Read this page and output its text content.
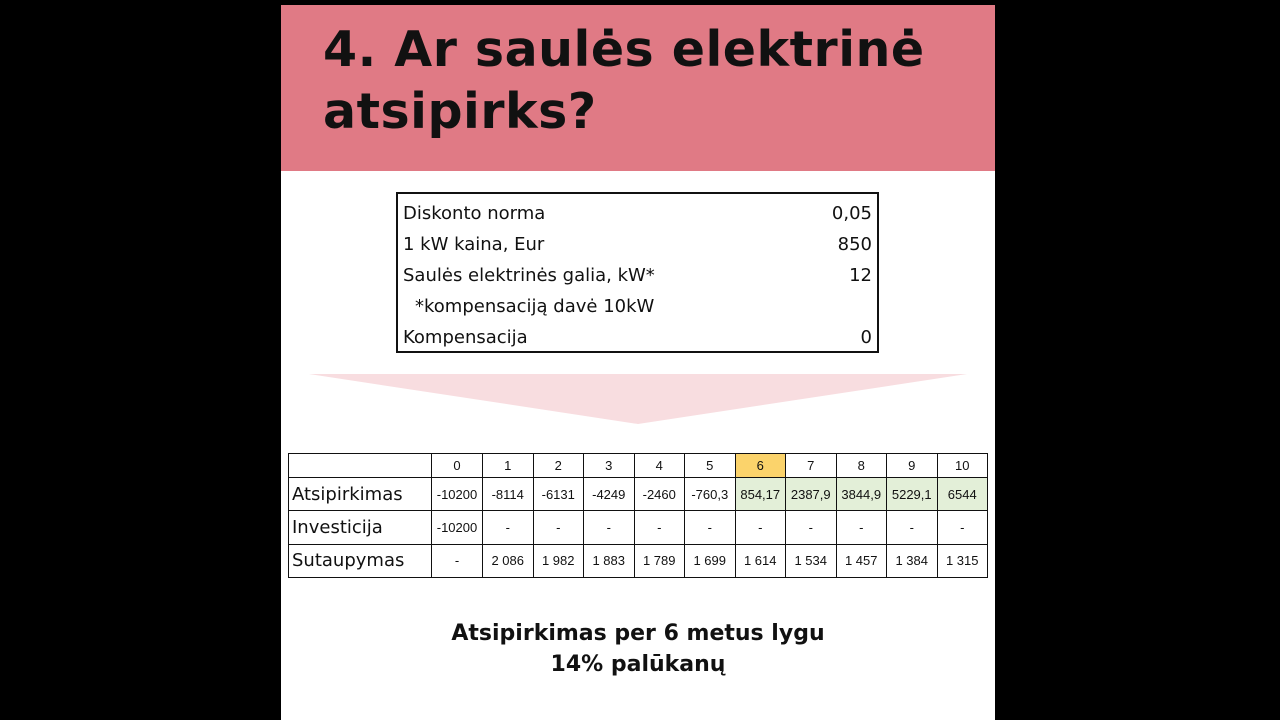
4. Ar saulės elektrinė
atsipirks?
Diskonto norma	0,05
1 kW kaina, Eur	850
Saulės elektrinės galia, kW*	12
*kompensaciją davė 10kW
Kompensacija	0
	0	1	2	3	4	5	6	7	8	9	10
Atsipirkimas	-10200	-8114	-6131	-4249	-2460	-760,3	854,17	2387,9	3844,9	5229,1	6544
Investicija	-10200	-	-	-	-	-	-	-	-	-	-
Sutaupymas	-	2 086	1 982	1 883	1 789	1 699	1 614	1 534	1 457	1 384	1 315
Atsipirkimas per 6 metus lygu
14% palūkanų
